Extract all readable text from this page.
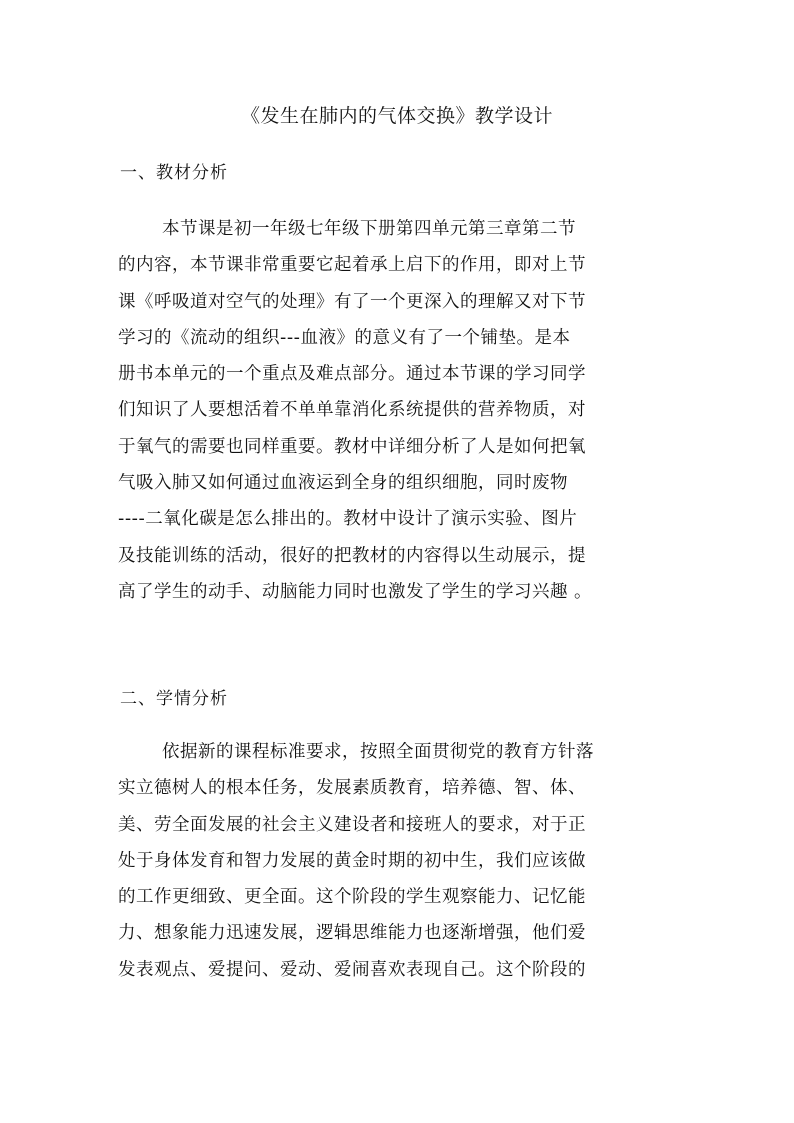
《发生在肺内的气体交换》教学设计
一、教材分析
本节课是初一年级七年级下册第四单元第三章第二节
的内容，本节课非常重要它起着承上启下的作用，即对上节
课《呼吸道对空气的处理》有了一个更深入的理解又对下节
学习的《流动的组织---血液》的意义有了一个铺垫。是本
册书本单元的一个重点及难点部分。通过本节课的学习同学
们知识了人要想活着不单单靠消化系统提供的营养物质，对
于氧气的需要也同样重要。教材中详细分析了人是如何把氧
气吸入肺又如何通过血液运到全身的组织细胞，同时废物
----二氧化碳是怎么排出的。教材中设计了演示实验、图片
及技能训练的活动，很好的把教材的内容得以生动展示，提
高了学生的动手、动脑能力同时也激发了学生的学习兴趣 。
二、学情分析
依据新的课程标准要求，按照全面贯彻党的教育方针落
实立德树人的根本任务，发展素质教育，培养德、智、体、
美、劳全面发展的社会主义建设者和接班人的要求，对于正
处于身体发育和智力发展的黄金时期的初中生，我们应该做
的工作更细致、更全面。这个阶段的学生观察能力、记忆能
力、想象能力迅速发展，逻辑思维能力也逐渐增强，他们爱
发表观点、爱提问、爱动、爱闹喜欢表现自己。这个阶段的
